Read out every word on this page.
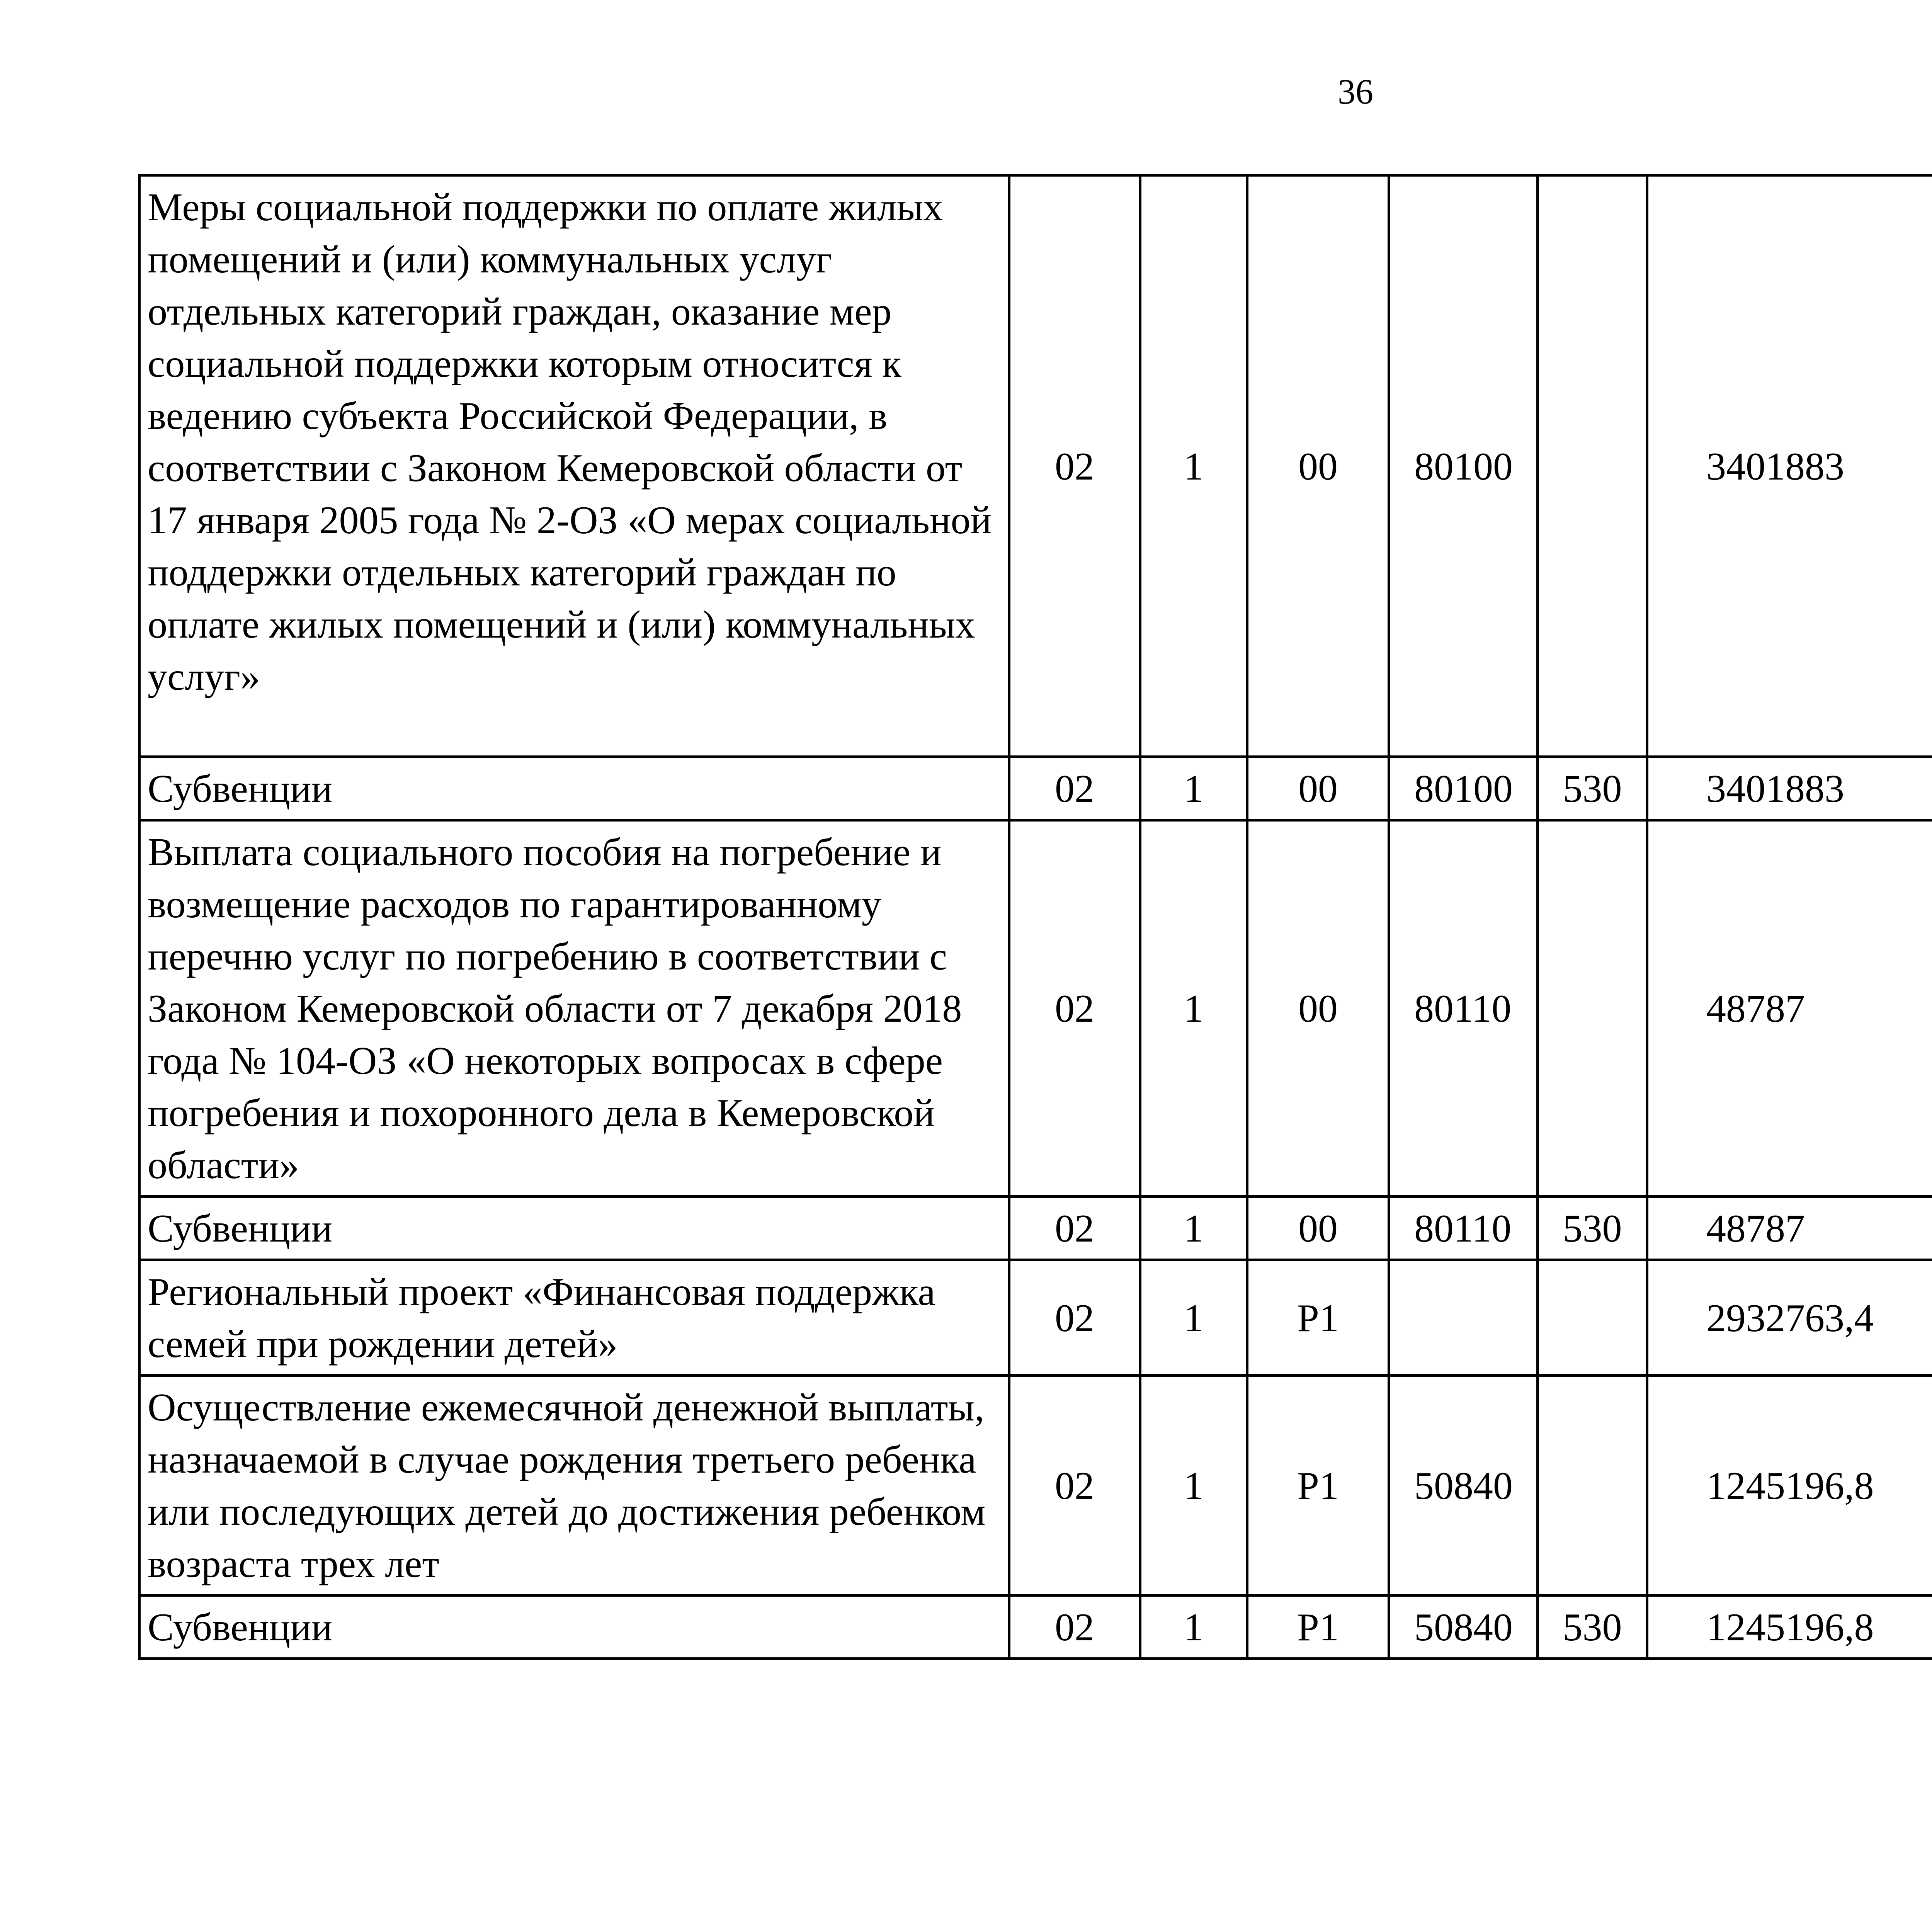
36
Меры социальной поддержки по оплате жилых помещений и (или) коммунальных услуг отдельных категорий граждан, оказание мер социальной поддержки которым относится к ведению субъекта Российской Федерации, в соответствии с Законом Кемеровской области от 17 января 2005 года № 2-ОЗ «О мерах социальной поддержки отдельных категорий граждан по оплате жилых помещений и (или) коммунальных услуг»	02	1	00	80100		3401883		
Субвенции	02	1	00	80100	530	3401883		
Выплата социального пособия на погребение и возмещение расходов по гарантированному перечню услуг по погребению в соответствии с Законом Кемеровской области от 7 декабря 2018 года № 104-ОЗ «О некоторых вопросах в сфере погребения и похоронного дела в Кемеровской области»	02	1	00	80110		48787		
Субвенции	02	1	00	80110	530	48787		
Региональный проект «Финансовая поддержка семей при рождении детей»	02	1	Р1			2932763,4		
Осуществление ежемесячной денежной выплаты, назначаемой в случае рождения третьего ребенка или последующих детей до достижения ребенком возраста трех лет	02	1	Р1	50840		1245196,8		
Субвенции	02	1	Р1	50840	530	1245196,8		
